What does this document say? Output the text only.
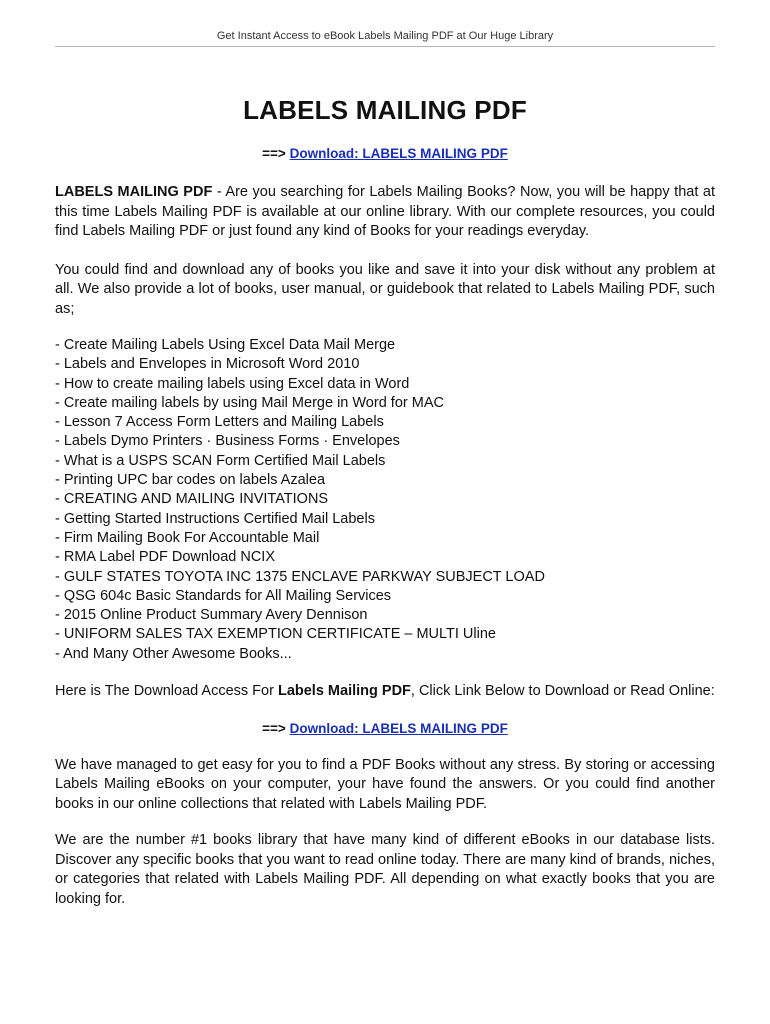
Get Instant Access to eBook Labels Mailing PDF at Our Huge Library
LABELS MAILING PDF
==> Download: LABELS MAILING PDF

LABELS MAILING PDF - Are you searching for Labels Mailing Books? Now, you will be happy that at this time Labels Mailing PDF is available at our online library. With our complete resources, you could find Labels Mailing PDF or just found any kind of Books for your readings everyday.

You could find and download any of books you like and save it into your disk without any problem at all. We also provide a lot of books, user manual, or guidebook that related to Labels Mailing PDF, such as;

- Create Mailing Labels Using Excel Data Mail Merge
- Labels and Envelopes in Microsoft Word 2010
- How to create mailing labels using Excel data in Word
- Create mailing labels by using Mail Merge in Word for MAC
- Lesson 7 Access Form Letters and Mailing Labels
- Labels Dymo Printers · Business Forms · Envelopes
- What is a USPS SCAN Form Certified Mail Labels
- Printing UPC bar codes on labels Azalea
- CREATING AND MAILING INVITATIONS
- Getting Started Instructions Certified Mail Labels
- Firm Mailing Book For Accountable Mail
- RMA Label PDF Download NCIX
- GULF STATES TOYOTA INC 1375 ENCLAVE PARKWAY SUBJECT LOAD
- QSG 604c Basic Standards for All Mailing Services
- 2015 Online Product Summary Avery Dennison
- UNIFORM SALES TAX EXEMPTION CERTIFICATE – MULTI Uline
- And Many Other Awesome Books...

Here is The Download Access For Labels Mailing PDF, Click Link Below to Download or Read Online:

==> Download: LABELS MAILING PDF

We have managed to get easy for you to find a PDF Books without any stress. By storing or accessing Labels Mailing eBooks on your computer, your have found the answers. Or you could find another books in our online collections that related with Labels Mailing PDF.

We are the number #1 books library that have many kind of different eBooks in our database lists. Discover any specific books that you want to read online today. There are many kind of brands, niches, or categories that related with Labels Mailing PDF. All depending on what exactly books that you are looking for.
